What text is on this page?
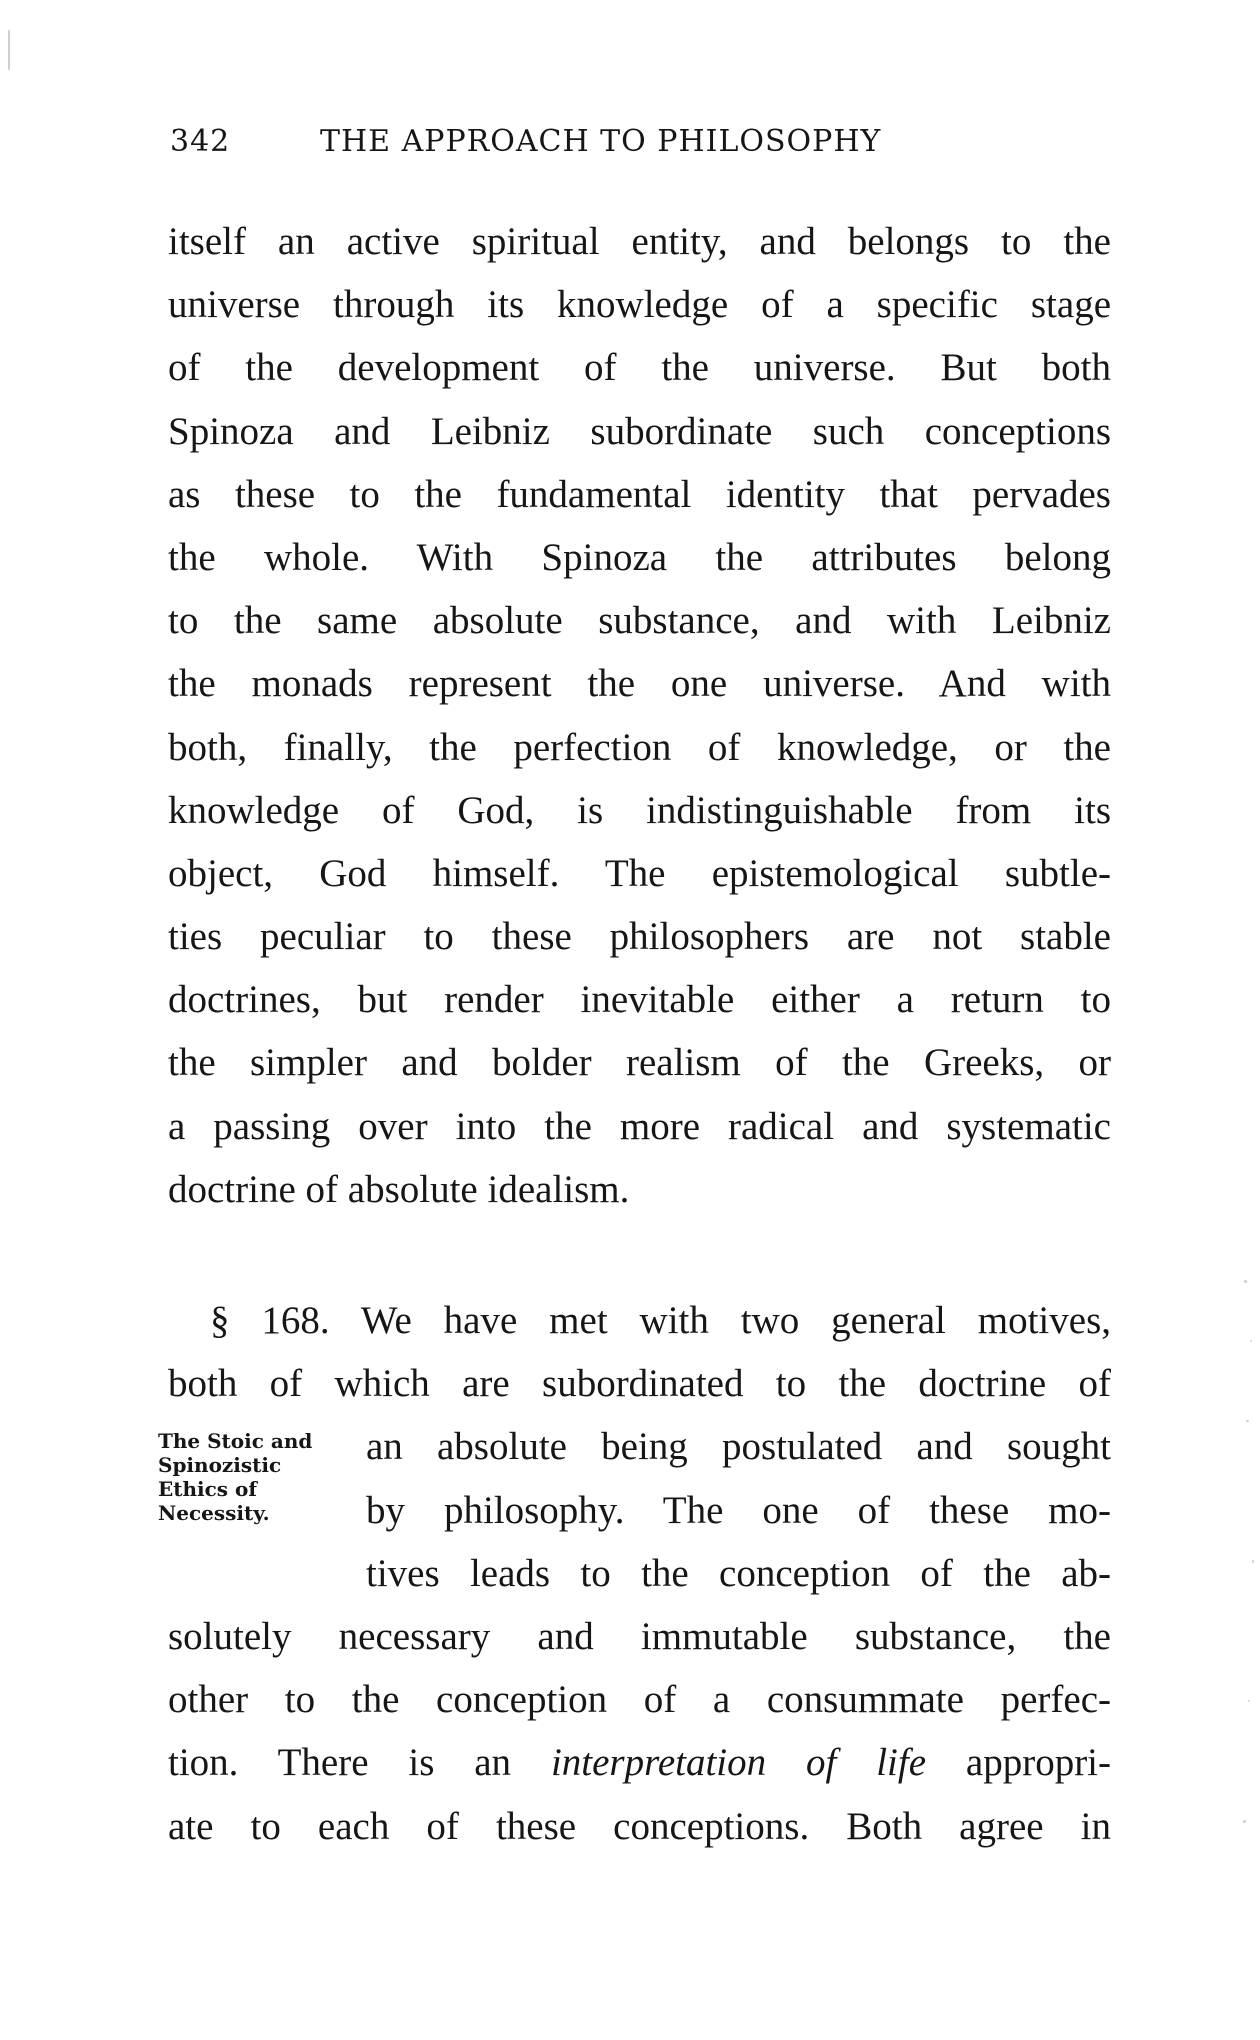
342	THE APPROACH TO PHILOSOPHY
itself an active spiritual entity, and belongs to the
universe through its knowledge of a specific stage
of the development of the universe. But both
Spinoza and Leibniz subordinate such conceptions
as these to the fundamental identity that pervades
the whole. With Spinoza the attributes belong
to the same absolute substance, and with Leibniz
the monads represent the one universe. And with
both, finally, the perfection of knowledge, or the
knowledge of God, is indistinguishable from its
object, God himself. The epistemological subtle-
ties peculiar to these philosophers are not stable
doctrines, but render inevitable either a return to
the simpler and bolder realism of the Greeks, or
a passing over into the more radical and systematic
doctrine of absolute idealism.
§ 168. We have met with two general motives,
both of which are subordinated to the doctrine of
The Stoic and
Spinozistic
Ethics of
Necessity.
an absolute being postulated and sought
by philosophy. The one of these mo-
tives leads to the conception of the ab-
solutely necessary and immutable substance, the
other to the conception of a consummate perfec-
tion. There is an interpretation of life appropri-
ate to each of these conceptions. Both agree in
